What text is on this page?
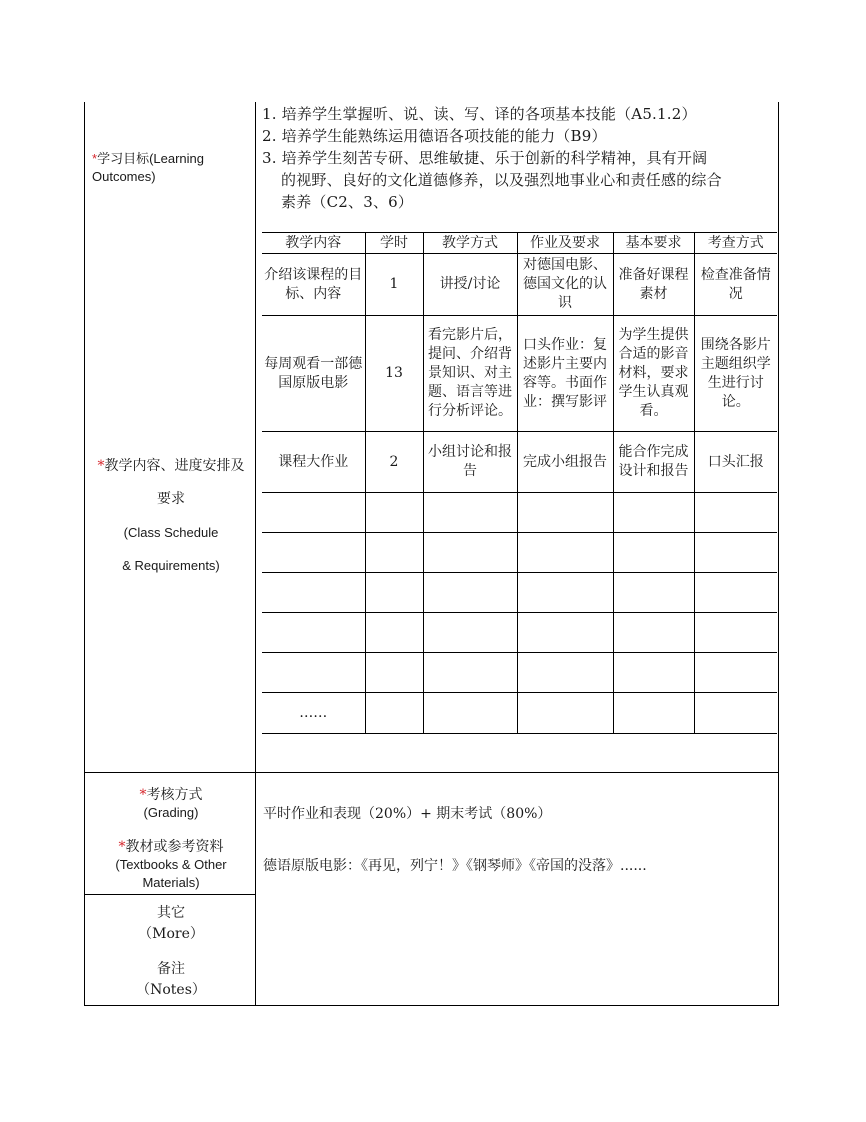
*学习目标(Learning Outcomes)
1. 培养学生掌握听、说、读、写、译的各项基本技能（A5.1.2）
2. 培养学生能熟练运用德语各项技能的能力（B9）
3. 培养学生刻苦专研、思维敏捷、乐于创新的科学精神，具有开阔
的视野、良好的文化道德修养，以及强烈地事业心和责任感的综合
素养（C2、3、6）
*教学内容、进度安排及
要求
(Class Schedule
& Requirements)
教学内容	学时	教学方式	作业及要求	基本要求	考查方式
介绍该课程的目标、内容	1	讲授/讨论	对德国电影、德国文化的认识	准备好课程素材	检查准备情况
每周观看一部德国原版电影	13	看完影片后，提问、介绍背景知识、对主题、语言等进行分析评论。	口头作业：复述影片主要内容等。书面作业：撰写影评	为学生提供合适的影音材料，要求学生认真观看。	围绕各影片主题组织学生进行讨论。
课程大作业	2	小组讨论和报告	完成小组报告	能合作完成设计和报告	口头汇报

……					
*考核方式
(Grading)	平时作业和表现（20%）+ 期末考试（80%）
*教材或参考资料
(Textbooks & Other
Materials)
德语原版电影：《再见，列宁！》《钢琴师》《帝国的没落》......
其它
（More）
备注
（Notes）
